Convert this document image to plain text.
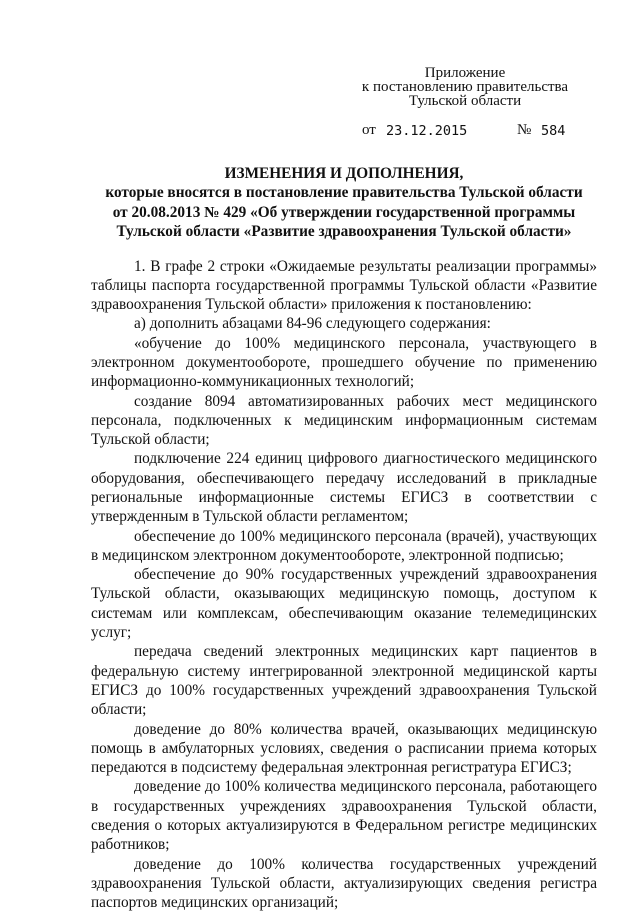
Приложение
к постановлению правительства
Тульской области
от 23.12.2015	№ 584
ИЗМЕНЕНИЯ И ДОПОЛНЕНИЯ,
которые вносятся в постановление правительства Тульской области
от 20.08.2013 № 429 «Об утверждении государственной программы
Тульской области «Развитие здравоохранения Тульской области»
1. В графе 2 строки «Ожидаемые результаты реализации программы»
таблицы паспорта государственной программы Тульской области «Развитие
здравоохранения Тульской области» приложения к постановлению:
а) дополнить абзацами 84-96 следующего содержания:
«обучение до 100% медицинского персонала, участвующего в
электронном документообороте, прошедшего обучение по применению
информационно-коммуникационных технологий;
создание 8094 автоматизированных рабочих мест медицинского
персонала, подключенных к медицинским информационным системам
Тульской области;
подключение 224 единиц цифрового диагностического медицинского
оборудования, обеспечивающего передачу исследований в прикладные
региональные информационные системы ЕГИСЗ в соответствии с
утвержденным в Тульской области регламентом;
обеспечение до 100% медицинского персонала (врачей), участвующих
в медицинском электронном документообороте, электронной подписью;
обеспечение до 90% государственных учреждений здравоохранения
Тульской области, оказывающих медицинскую помощь, доступом к
системам или комплексам, обеспечивающим оказание телемедицинских
услуг;
передача сведений электронных медицинских карт пациентов в
федеральную систему интегрированной электронной медицинской карты
ЕГИСЗ до 100% государственных учреждений здравоохранения Тульской
области;
доведение до 80% количества врачей, оказывающих медицинскую
помощь в амбулаторных условиях, сведения о расписании приема которых
передаются в подсистему федеральная электронная регистратура ЕГИСЗ;
доведение до 100% количества медицинского персонала, работающего
в государственных учреждениях здравоохранения Тульской области,
сведения о которых актуализируются в Федеральном регистре медицинских
работников;
доведение до 100% количества государственных учреждений
здравоохранения Тульской области, актуализирующих сведения регистра
паспортов медицинских организаций;
